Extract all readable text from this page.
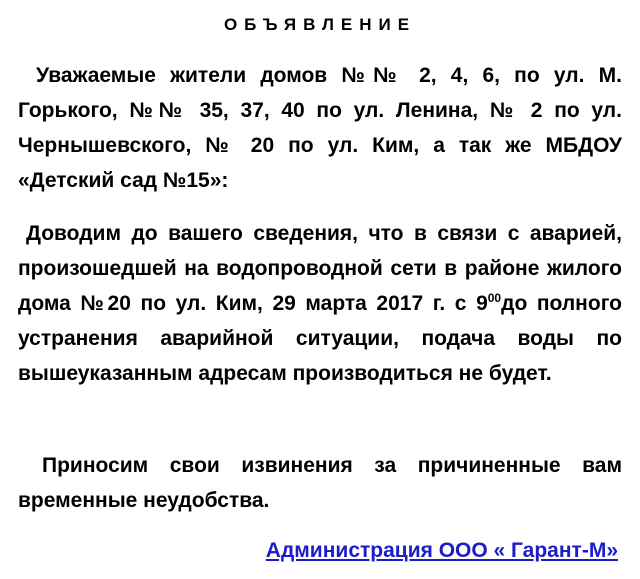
ОБЪЯВЛЕНИЕ

Уважаемые жители домов №№ 2, 4, 6, по ул. М. Горького, №№ 35, 37, 40 по ул. Ленина, № 2 по ул. Чернышевского, № 20 по ул. Ким, а так же МБДОУ «Детский сад №15»:

Доводим до вашего сведения, что в связи с аварией, произошедшей на водопроводной сети в районе жилого дома №20 по ул. Ким, 29 марта 2017 г. с $9^{00}до$ полного устранения аварийной ситуации, подача воды по вышеуказанным адресам производиться не будет.

Приносим свои извинения за причиненные вам временные неудобства.

Администрация ООО « Гарант-М»
